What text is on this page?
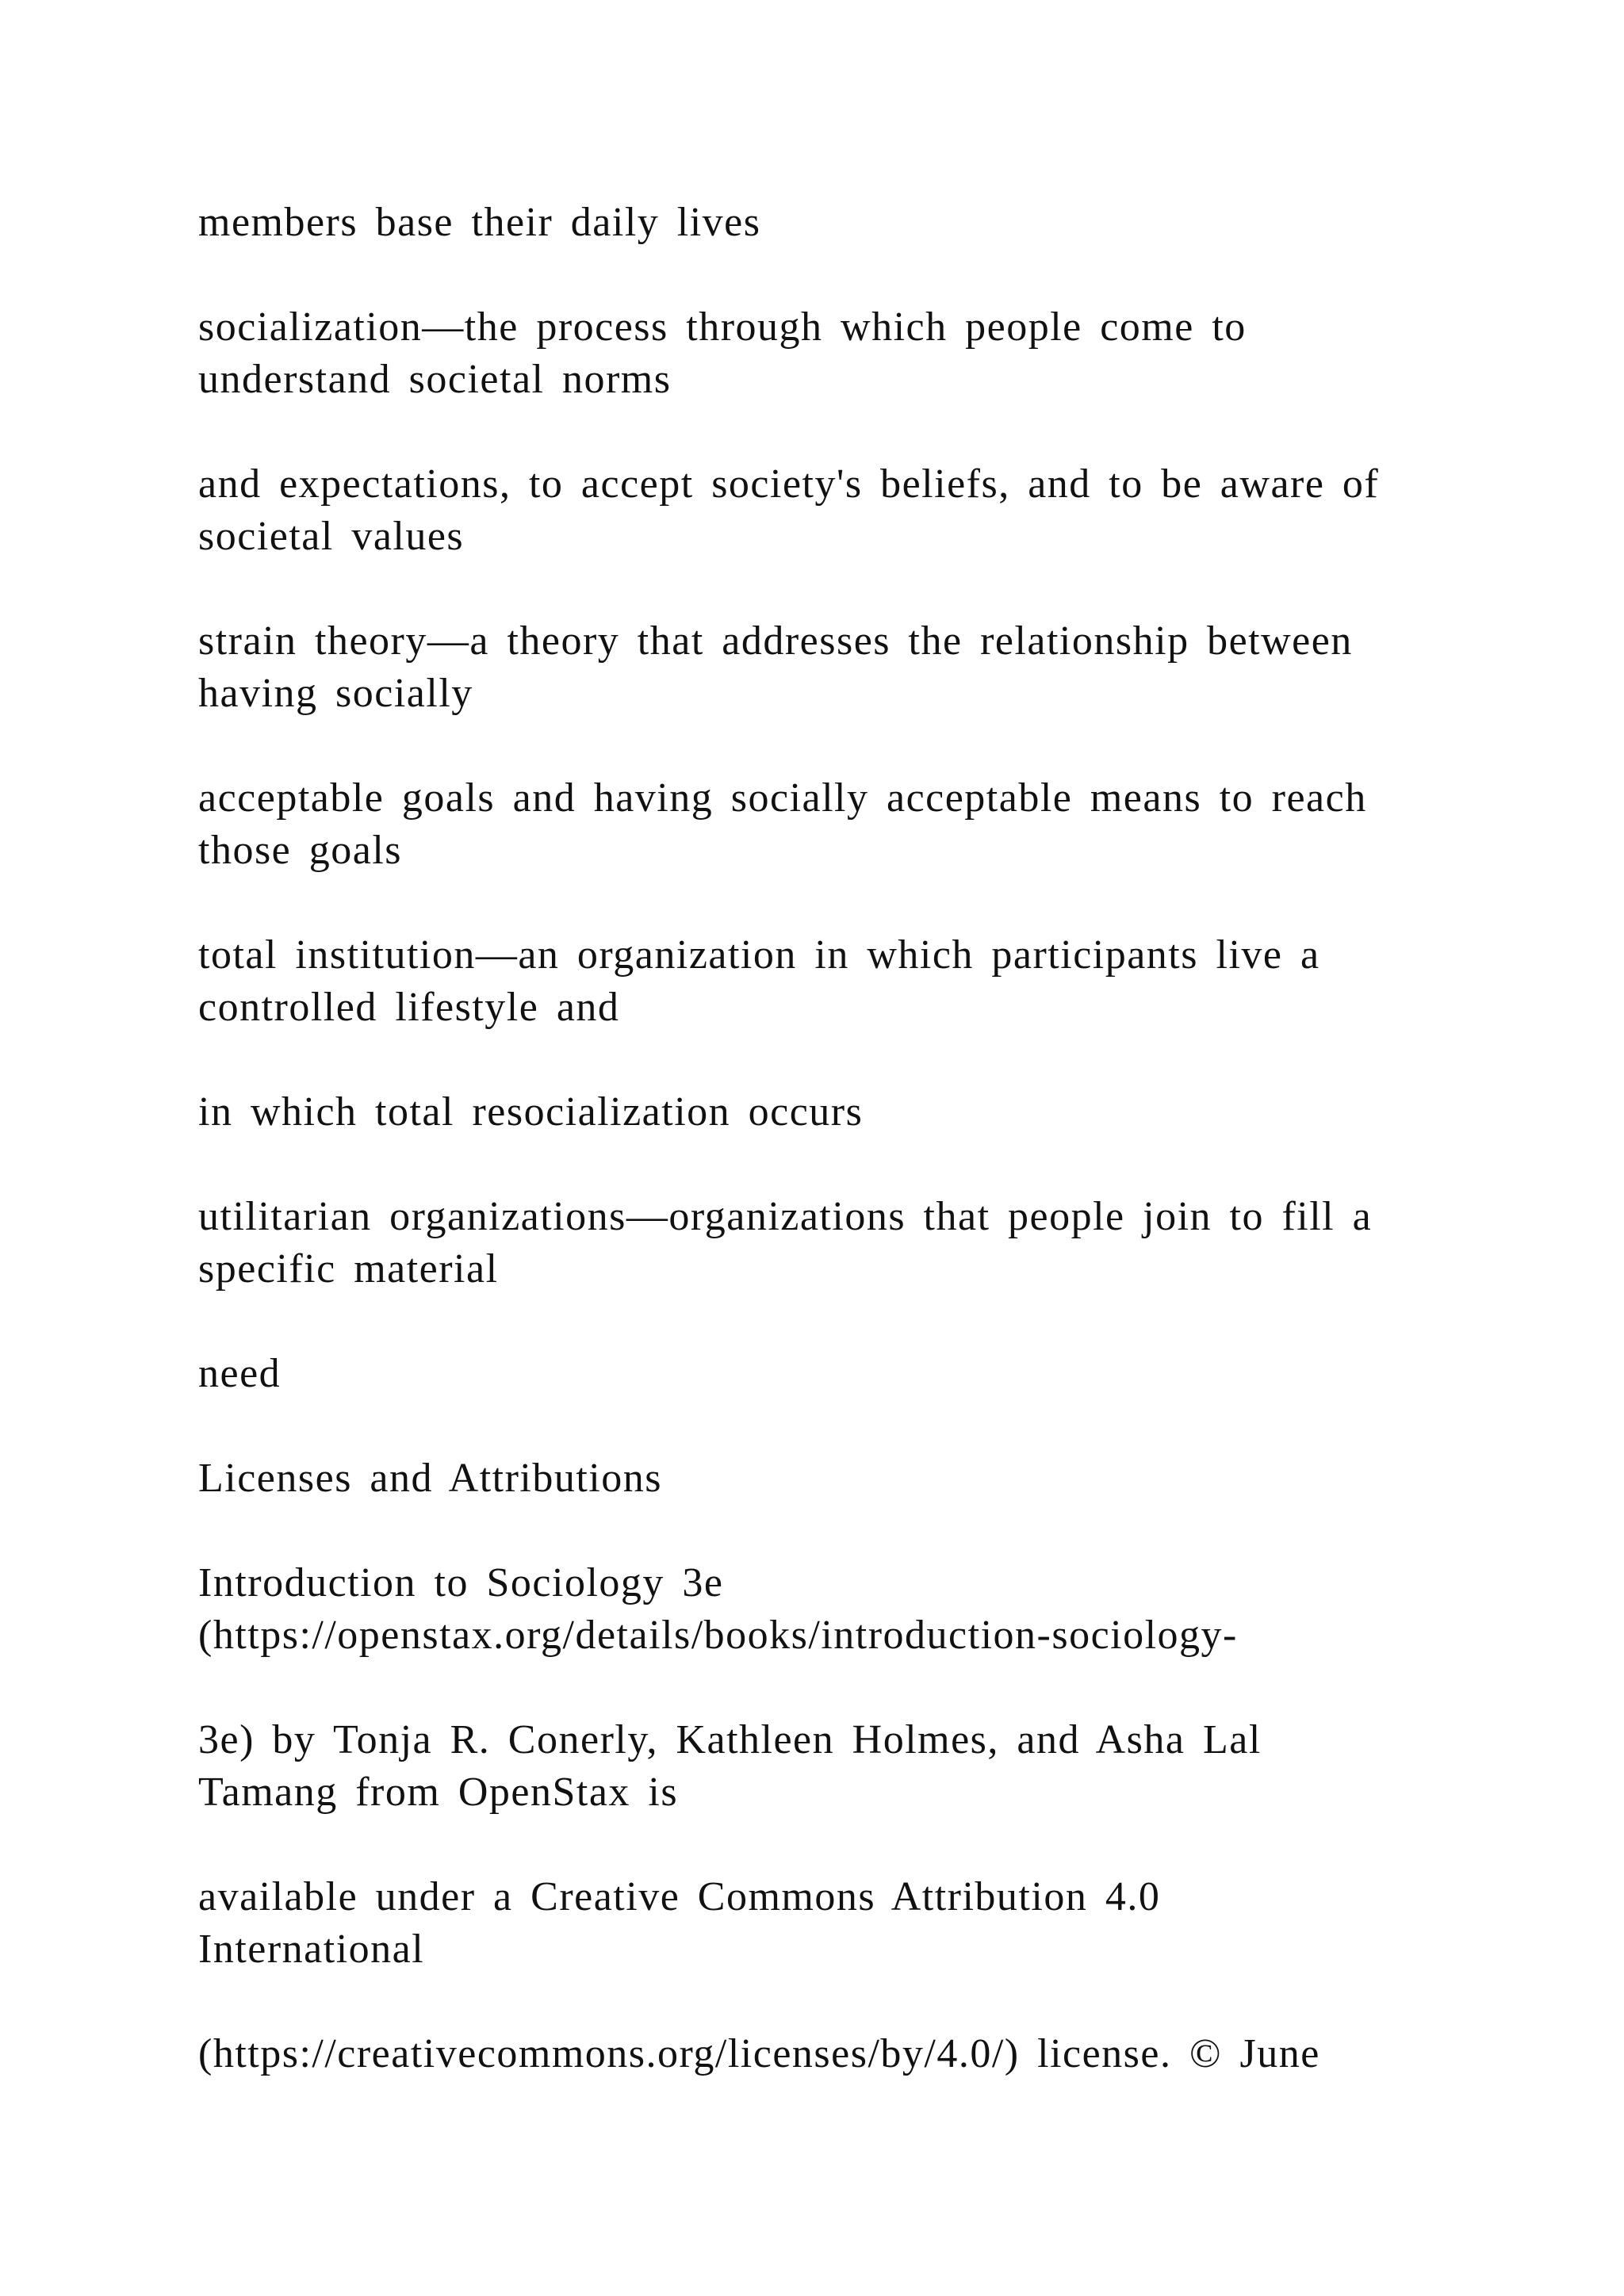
members base their daily lives

socialization—the process through which people come to
understand societal norms

and expectations, to accept society's beliefs, and to be aware of
societal values

strain theory—a theory that addresses the relationship between
having socially

acceptable goals and having socially acceptable means to reach
those goals

total institution—an organization in which participants live a
controlled lifestyle and

in which total resocialization occurs

utilitarian organizations—organizations that people join to fill a
specific material

need

Licenses and Attributions

Introduction to Sociology 3e
(https://openstax.org/details/books/introduction-sociology-

3e) by Tonja R. Conerly, Kathleen Holmes, and Asha Lal
Tamang from OpenStax is

available under a Creative Commons Attribution 4.0
International

(https://creativecommons.org/licenses/by/4.0/) license. © June
